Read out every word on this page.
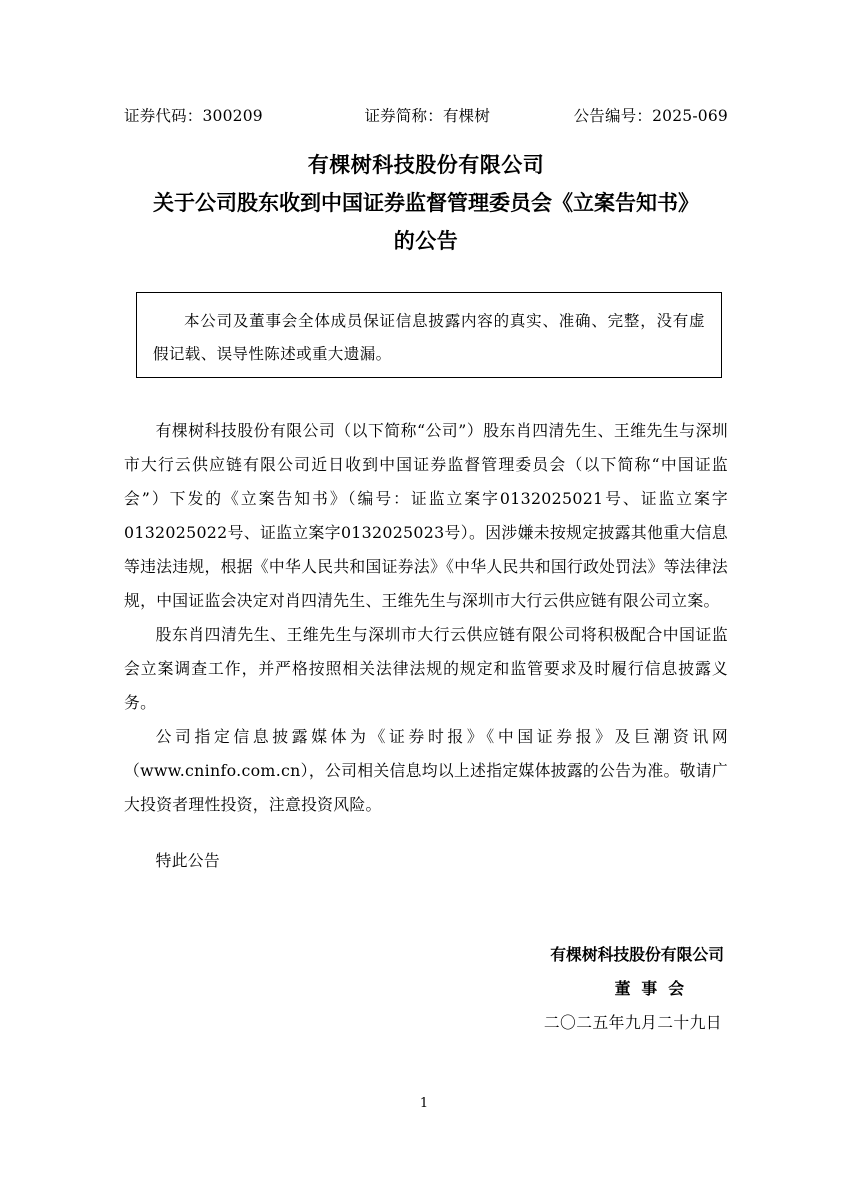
证券代码：300209	证券简称：有棵树	公告编号：2025-069
有棵树科技股份有限公司
关于公司股东收到中国证券监督管理委员会《立案告知书》
的公告

本公司及董事会全体成员保证信息披露内容的真实、准确、完整，没有虚假记载、误导性陈述或重大遗漏。

有棵树科技股份有限公司（以下简称“公司”）股东肖四清先生、王维先生与深圳市大行云供应链有限公司近日收到中国证券监督管理委员会（以下简称“中国证监会”）下发的《立案告知书》（编号：证监立案字0132025021号、证监立案字0132025022号、证监立案字0132025023号）。因涉嫌未按规定披露其他重大信息等违法违规，根据《中华人民共和国证券法》《中华人民共和国行政处罚法》等法律法规，中国证监会决定对肖四清先生、王维先生与深圳市大行云供应链有限公司立案。

股东肖四清先生、王维先生与深圳市大行云供应链有限公司将积极配合中国证监会立案调查工作，并严格按照相关法律法规的规定和监管要求及时履行信息披露义务。

公司指定信息披露媒体为《证券时报》《中国证券报》及巨潮资讯网（www.cninfo.com.cn），公司相关信息均以上述指定媒体披露的公告为准。敬请广大投资者理性投资，注意投资风险。

特此公告

有棵树科技股份有限公司
董事会
二〇二五年九月二十九日
1
